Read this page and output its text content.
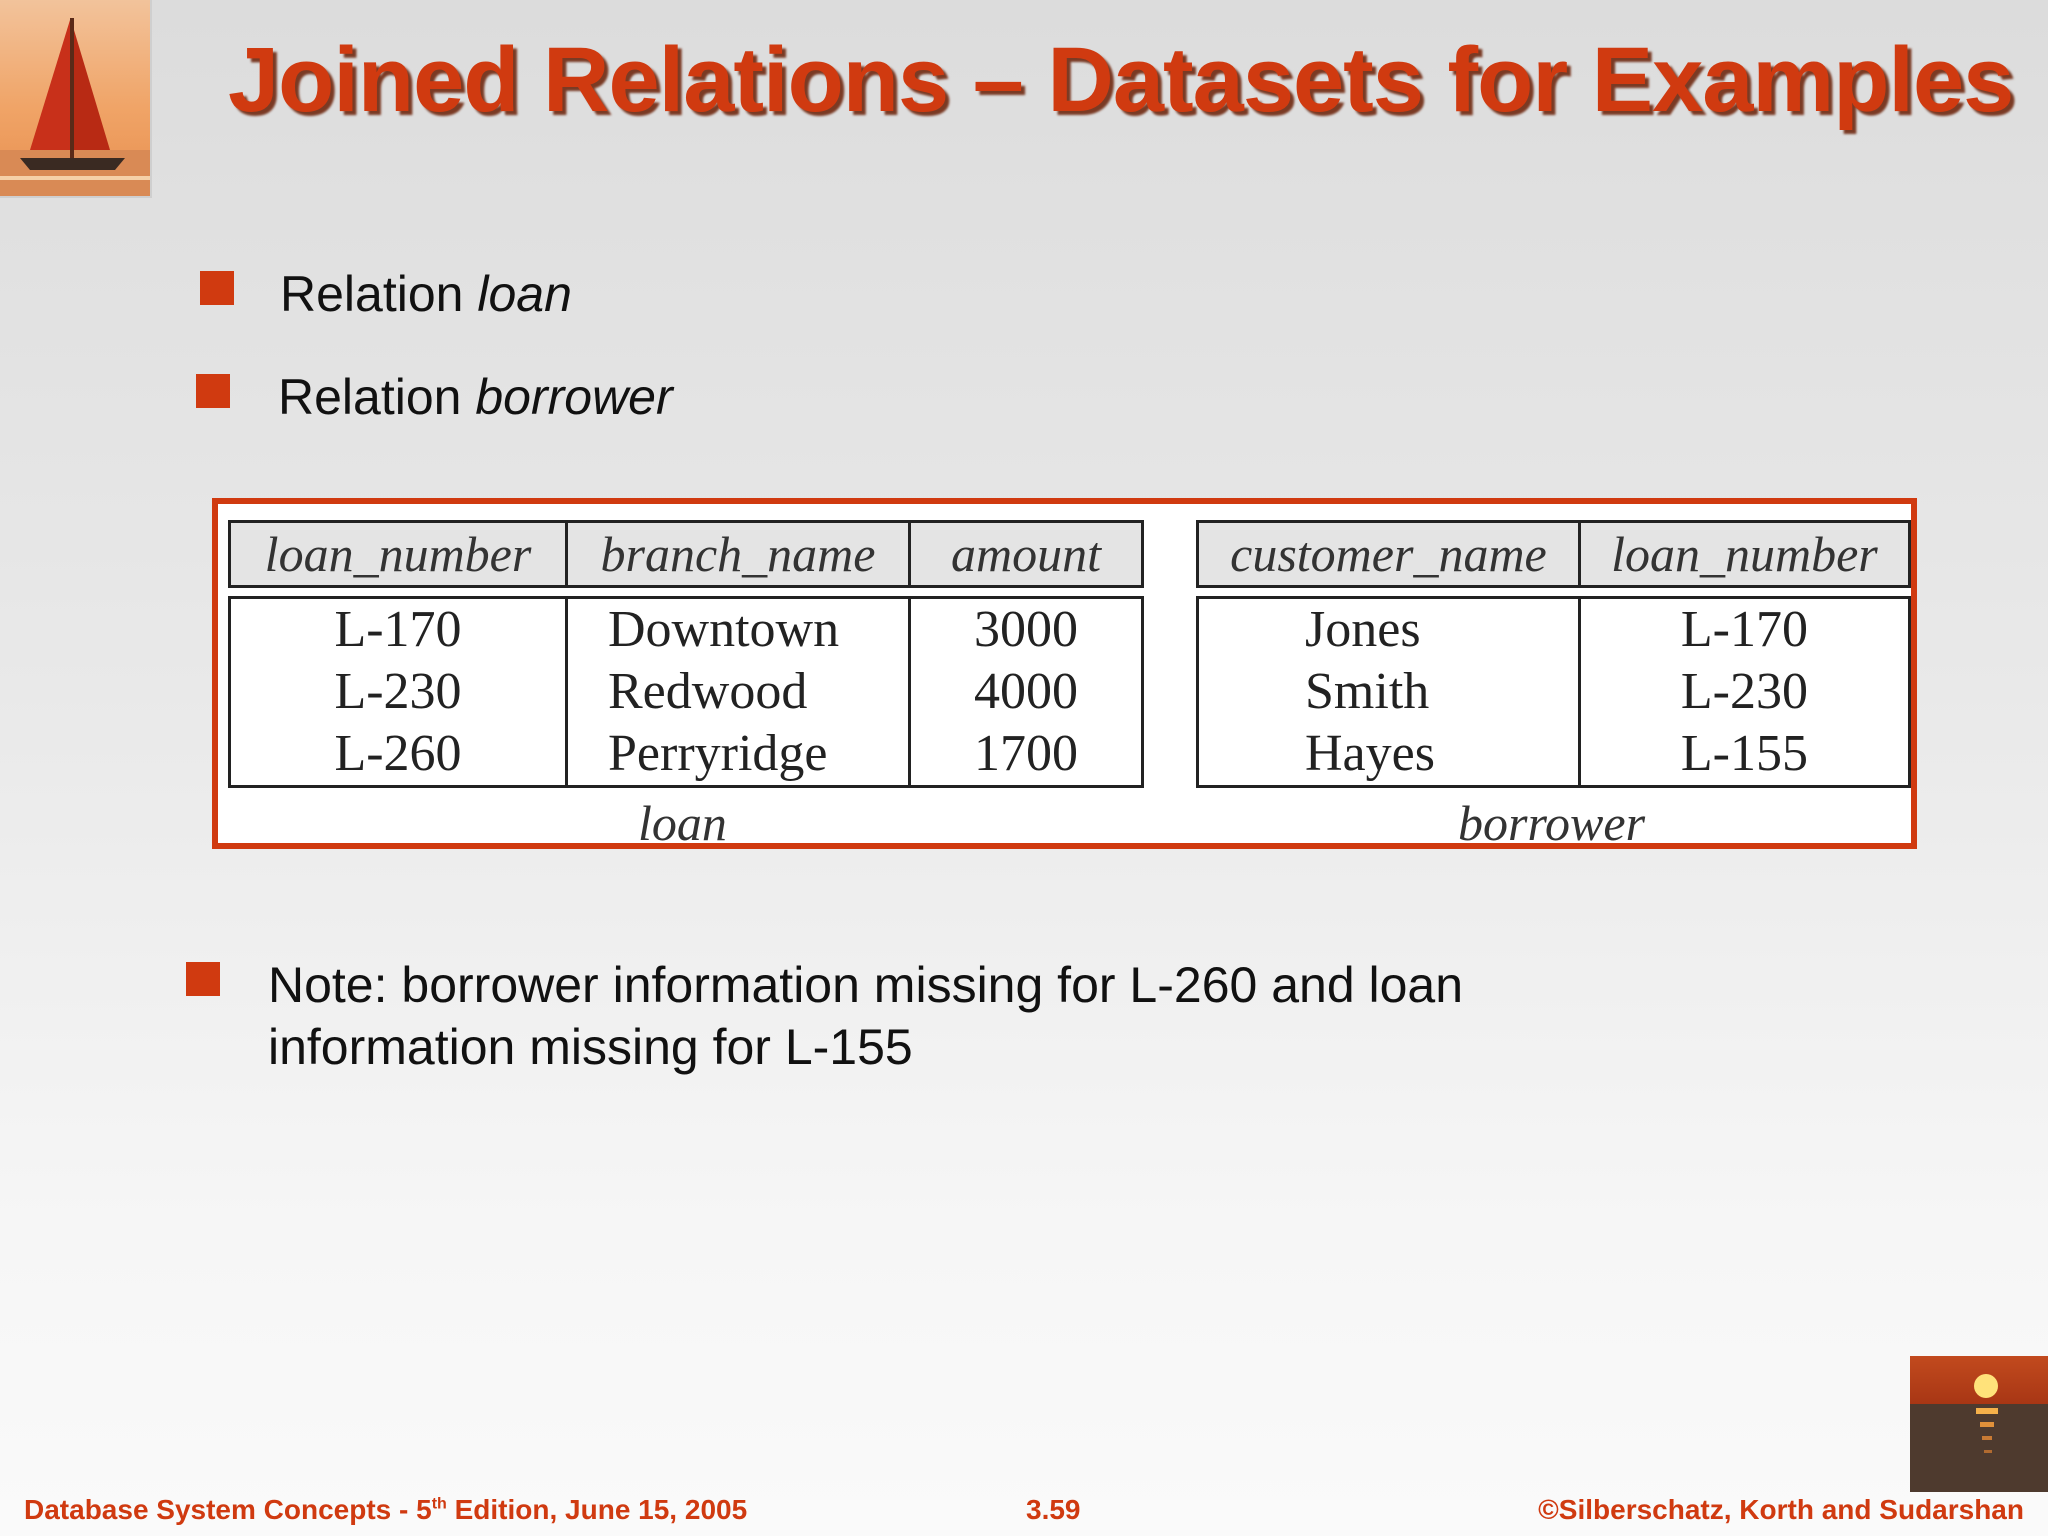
Joined Relations – Datasets for Examples
Relation loan
Relation borrower
loan_number	branch_name	amount

L-170	Downtown	3000
L-230	Redwood	4000
L-260	Perryridge	1700
customer_name	loan_number

Jones	L-170
Smith	L-230
Hayes	L-155
loan	borrower
Note: borrower information missing for L-260 and loan
information missing for L-155
Database System Concepts - 5th Edition, June 15, 2005	3.59	©Silberschatz, Korth and Sudarshan
